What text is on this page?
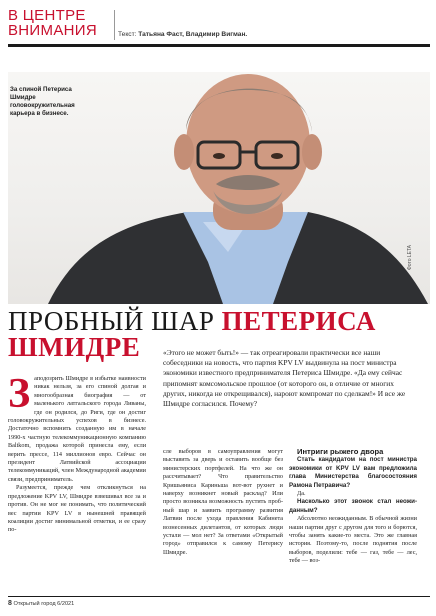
В ЦЕНТРЕ ВНИМАНИЯ	Текст: Татьяна Фаст, Владимир Вигман.
За спиной Петериса Шмидре головокружительная карьера в бизнесе.
Фото LETA
ПРОБНЫЙ ШАР ПЕТЕРИСА
ШМИДРЕ	«Этого не может быть!» — так отреагировали практически все наши собеседники на новость, что партия KPV LV выдвинула на пост министра экономики известного предпринимателя Петериса Шмидре. «Да ему сейчас припомнят комсомольское прошлое (от которого он, в отличие от многих других, никогда не открещивался), нароют компромат по сделкам!» И все же Шмидре согласился. Почему?
З аподозрить Шмидре в избытке наивности никак нельзя, за его спиной долгая и многообразная биография — от маленького латгальского города Ливаны, где он родился, до Риги, где он достиг головокружительных успехов в бизнесе. Достаточно вспомнить созданную им в начале 1990-х частную телекоммуникационную компанию Baltkom, продажа которой принесла ему, если верить прессе, 114 миллионов евро. Сейчас он президент Латвийской ассоциации телекоммуникаций, член Международной академии связи, предприниматель.

Разумеется, прежде чем откликнуться на предложение KPV LV, Шмидре взвешивал все за и против. Он не мог не понимать, что политический вес партии KPV LV в нынешней правящей коалиции достиг минимальной отметки, и ее сразу по-

сле выборов в самоуправления могут выставить за дверь и оставить вообще без министерских портфелей. На что же он рассчитывает? Что правительство Кришьяниса Кариньша вот-вот рухнет и наверху возникнет новый расклад? Или просто возникла возможность пустить пробный шар и заявить программу развития Латвии после ухода правления Кабинета вознесенных дилетантов, от которых люди устали — мол нет? За ответами «Открытый город» отправился к самому Петерису Шмидре.

Интриги рыжего двора

Стать кандидатом на пост министра экономики от KPV LV вам предложила глава Министерства благосостояния Рамона Петравича?

Да.

Насколько этот звонок стал неожиданным?

Абсолютно неожиданным. В обычной жизни наши партии друг с другом для того и борются, чтобы занять какие-то места. Это же главная история. Поэтому-то, после поднятия после выборов, поделили: тебе — газ, тебе — лес, тебе — воз-

8 Открытый город 6/2021
